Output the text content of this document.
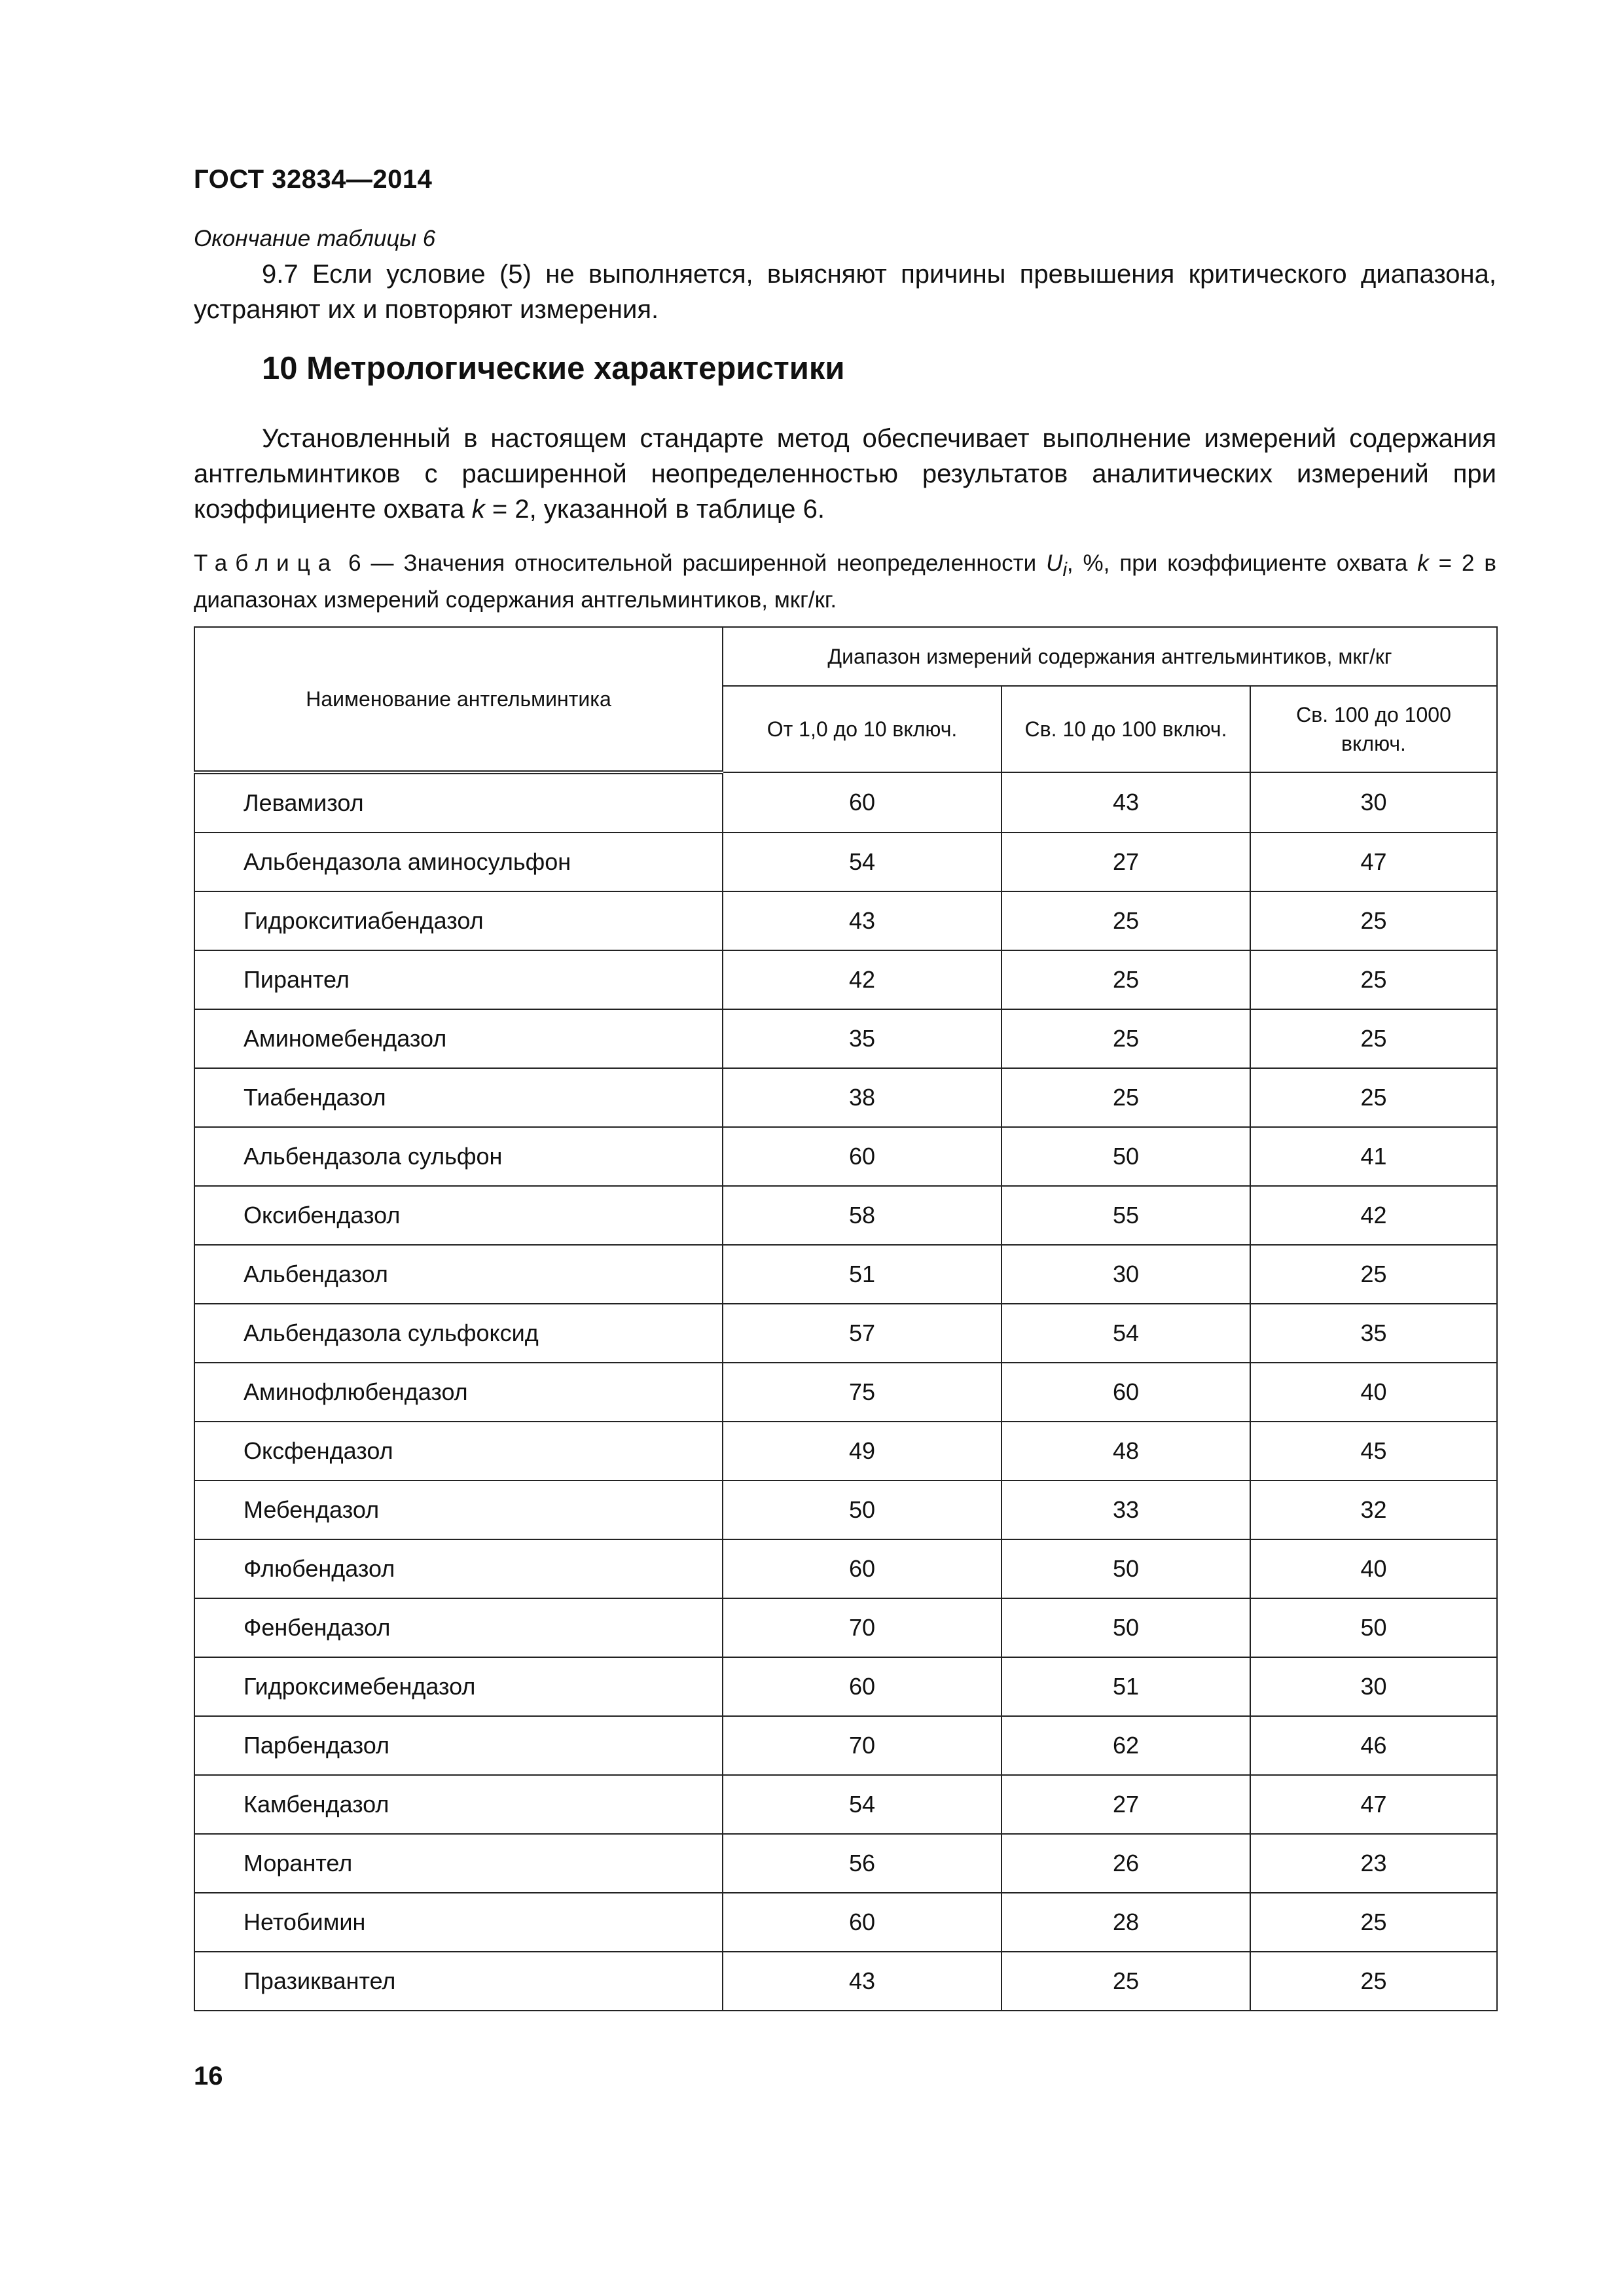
ГОСТ 32834—2014
Окончание таблицы 6
9.7 Если условие (5) не выполняется, выясняют причины превышения критического диапазона, устраняют их и повторяют измерения.
10 Метрологические характеристики
Установленный в настоящем стандарте метод обеспечивает выполнение измерений содержания антгельминтиков с расширенной неопределенностью результатов аналитических измерений при коэффициенте охвата k = 2, указанной в таблице 6.
Таблица 6 — Значения относительной расширенной неопределенности $U_i$, %, при коэффициенте охвата k = 2 в диапазонах измерений содержания антгельминтиков, мкг/кг.
Наименование антгельминтика	Диапазон измерений содержания антгельминтиков, мкг/кг		
	От 1,0 до 10 включ.	Св. 10 до 100 включ.	Св. 100 до 1000 включ.
Левамизол	60	43	30
Альбендазола аминосульфон	54	27	47
Гидрокситиабендазол	43	25	25
Пирантел	42	25	25
Аминомебендазол	35	25	25
Тиабендазол	38	25	25
Альбендазола сульфон	60	50	41
Оксибендазол	58	55	42
Альбендазол	51	30	25
Альбендазола сульфоксид	57	54	35
Аминофлюбендазол	75	60	40
Оксфендазол	49	48	45
Мебендазол	50	33	32
Флюбендазол	60	50	40
Фенбендазол	70	50	50
Гидроксимебендазол	60	51	30
Парбендазол	70	62	46
Камбендазол	54	27	47
Морантел	56	26	23
Нетобимин	60	28	25
Празиквантел	43	25	25
16
